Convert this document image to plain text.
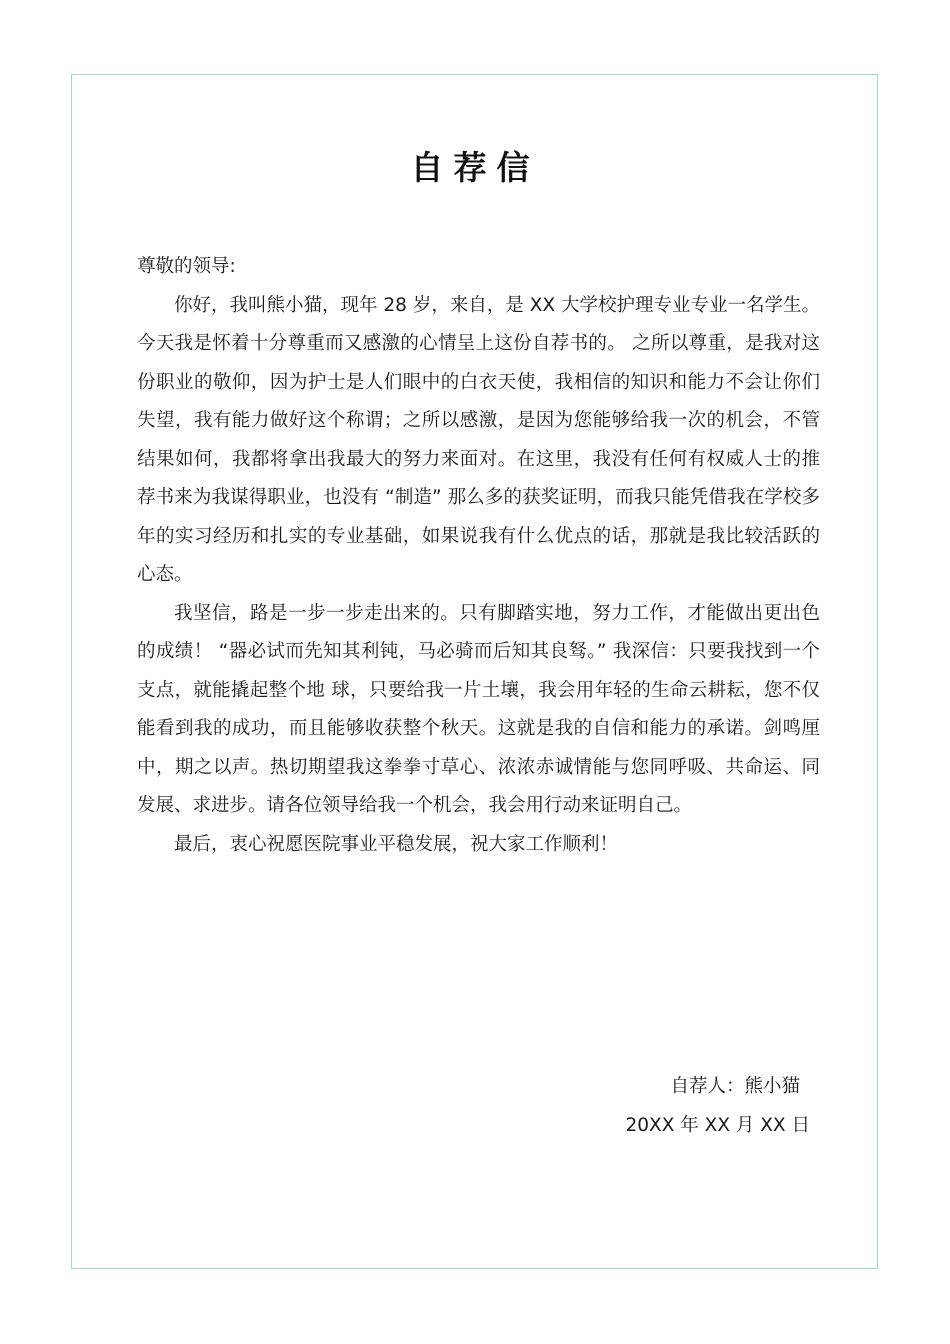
自荐信

尊敬的领导:

你好，我叫熊小猫，现年 28 岁，来自，是 XX 大学校护理专业专业一名学生。今天我是怀着十分尊重而又感激的心情呈上这份自荐书的。 之所以尊重，是我对这份职业的敬仰，因为护士是人们眼中的白衣天使，我相信的知识和能力不会让你们失望，我有能力做好这个称谓；之所以感激，是因为您能够给我一次的机会，不管结果如何，我都将拿出我最大的努力来面对。在这里，我没有任何有权威人士的推荐书来为我谋得职业，也没有 “制造” 那么多的获奖证明，而我只能凭借我在学校多年的实习经历和扎实的专业基础，如果说我有什么优点的话，那就是我比较活跃的心态。

我坚信，路是一步一步走出来的。只有脚踏实地，努力工作，才能做出更出色的成绩！ “器必试而先知其利钝，马必骑而后知其良驽。” 我深信：只要我找到一个支点，就能撬起整个地 球，只要给我一片土壤，我会用年轻的生命云耕耘，您不仅能看到我的成功，而且能够收获整个秋天。这就是我的自信和能力的承诺。剑鸣厘中，期之以声。热切期望我这拳拳寸草心、浓浓赤诚情能与您同呼吸、共命运、同发展、求进步。请各位领导给我一个机会，我会用行动来证明自己。

最后，衷心祝愿医院事业平稳发展，祝大家工作顺利！

自荐人：熊小猫
20XX 年 XX 月 XX 日
